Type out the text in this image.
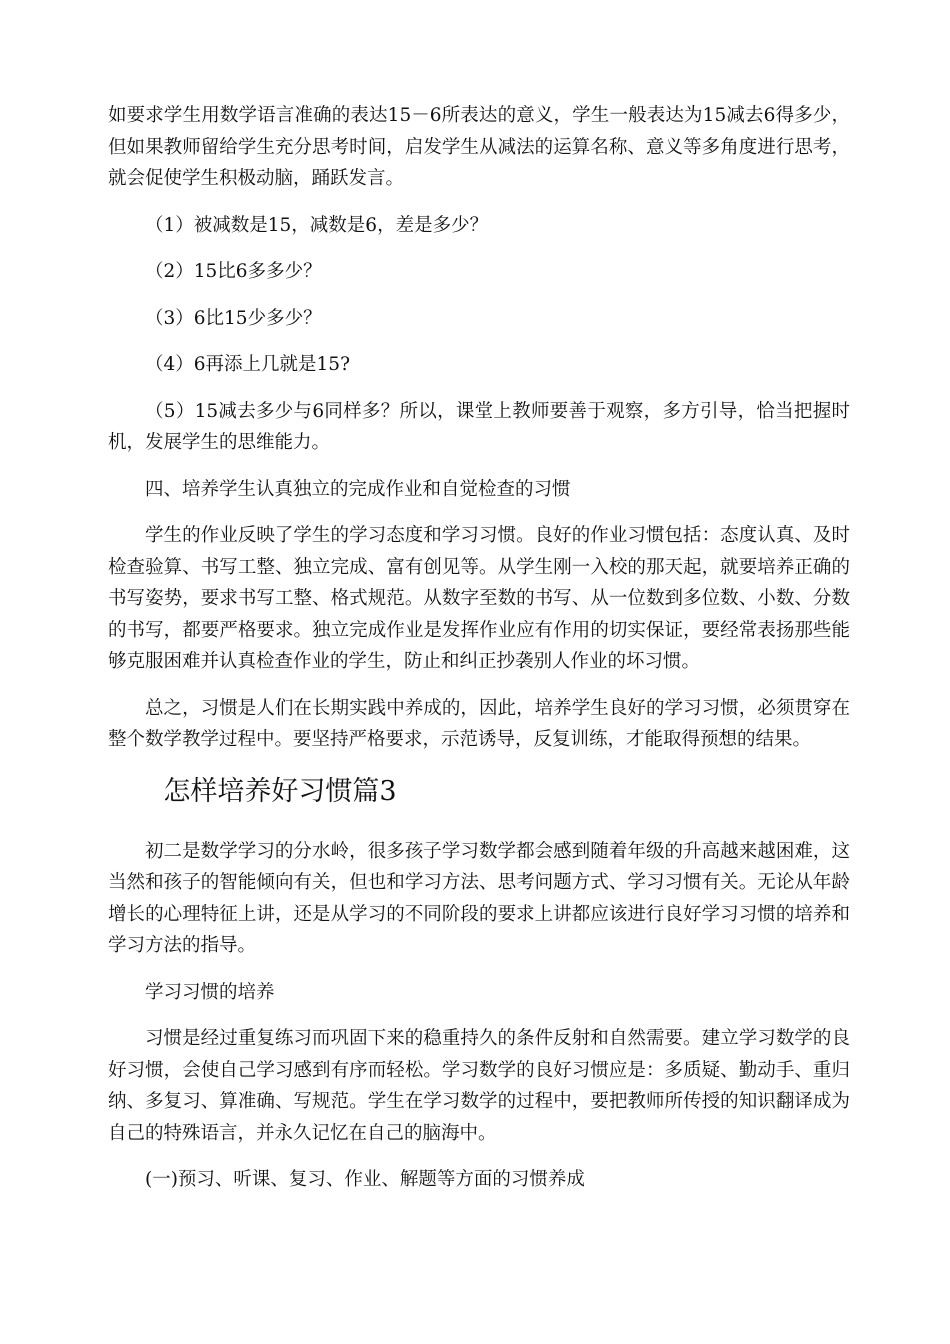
如要求学生用数学语言准确的表达15－6所表达的意义，学生一般表达为15减去6得多少，但如果教师留给学生充分思考时间，启发学生从减法的运算名称、意义等多角度进行思考，就会促使学生积极动脑，踊跃发言。

（1）被减数是15，减数是6，差是多少？

（2）15比6多多少？

（3）6比15少多少？

（4）6再添上几就是15?

（5）15减去多少与6同样多？所以，课堂上教师要善于观察，多方引导，恰当把握时机，发展学生的思维能力。

四、培养学生认真独立的完成作业和自觉检查的习惯

学生的作业反映了学生的学习态度和学习习惯。良好的作业习惯包括：态度认真、及时检查验算、书写工整、独立完成、富有创见等。从学生刚一入校的那天起，就要培养正确的书写姿势，要求书写工整、格式规范。从数字至数的书写、从一位数到多位数、小数、分数的书写，都要严格要求。独立完成作业是发挥作业应有作用的切实保证，要经常表扬那些能够克服困难并认真检查作业的学生，防止和纠正抄袭别人作业的坏习惯。

总之，习惯是人们在长期实践中养成的，因此，培养学生良好的学习习惯，必须贯穿在整个数学教学过程中。要坚持严格要求，示范诱导，反复训练，才能取得预想的结果。

怎样培养好习惯篇3

初二是数学学习的分水岭，很多孩子学习数学都会感到随着年级的升高越来越困难，这当然和孩子的智能倾向有关，但也和学习方法、思考问题方式、学习习惯有关。无论从年龄增长的心理特征上讲，还是从学习的不同阶段的要求上讲都应该进行良好学习习惯的培养和学习方法的指导。

学习习惯的培养

习惯是经过重复练习而巩固下来的稳重持久的条件反射和自然需要。建立学习数学的良好习惯，会使自己学习感到有序而轻松。学习数学的良好习惯应是：多质疑、勤动手、重归纳、多复习、算准确、写规范。学生在学习数学的过程中，要把教师所传授的知识翻译成为自己的特殊语言，并永久记忆在自己的脑海中。

(一)预习、听课、复习、作业、解题等方面的习惯养成
